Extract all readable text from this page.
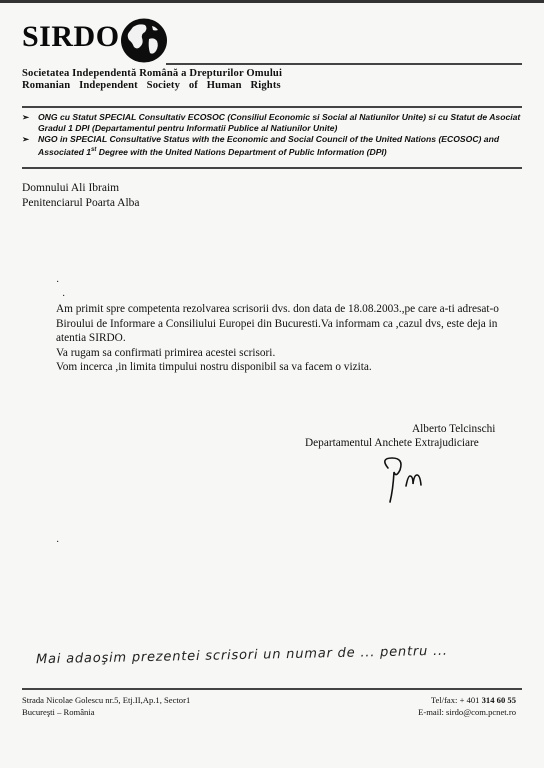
SIRDO
Societatea Independentă Română a Drepturilor Omului
Romanian Independent Society of Human Rights
➢ ONG cu Statut SPECIAL Consultativ ECOSOC (Consiliul Economic si Social al Natiunilor Unite) si cu Statut de Asociat Gradul 1 DPI (Departamentul pentru Informatii Publice al Natiunilor Unite)
➢ NGO in SPECIAL Consultative Status with the Economic and Social Council of the United Nations (ECOSOC) and Associated 1st Degree with the United Nations Department of Public Information (DPI)
Domnului Ali Ibraim
Penitenciarul Poarta Alba
·
·

Am primit spre competenta rezolvarea scrisorii dvs. don data de 18.08.2003.,pe care a-ti adresat-o Biroului de Informare a Consiliului Europei din Bucuresti.Va informam ca ,cazul dvs, este deja in atentia SIRDO.

Va rugam sa confirmati primirea acestei scrisori.

Vom incerca ,in limita timpului nostru disponibil sa va facem o vizita.

Alberto Telcinschi
Departamentul Anchete Extrajudiciare
·
Mai adaoşim prezentei scrisori un numar de ... pentru ...
Strada Nicolae Golescu nr.5, Etj.II,Ap.1, Sector1
Bucureşti – România
Tel/fax: + 401 314 60 55
E-mail: sirdo@com.pcnet.ro
